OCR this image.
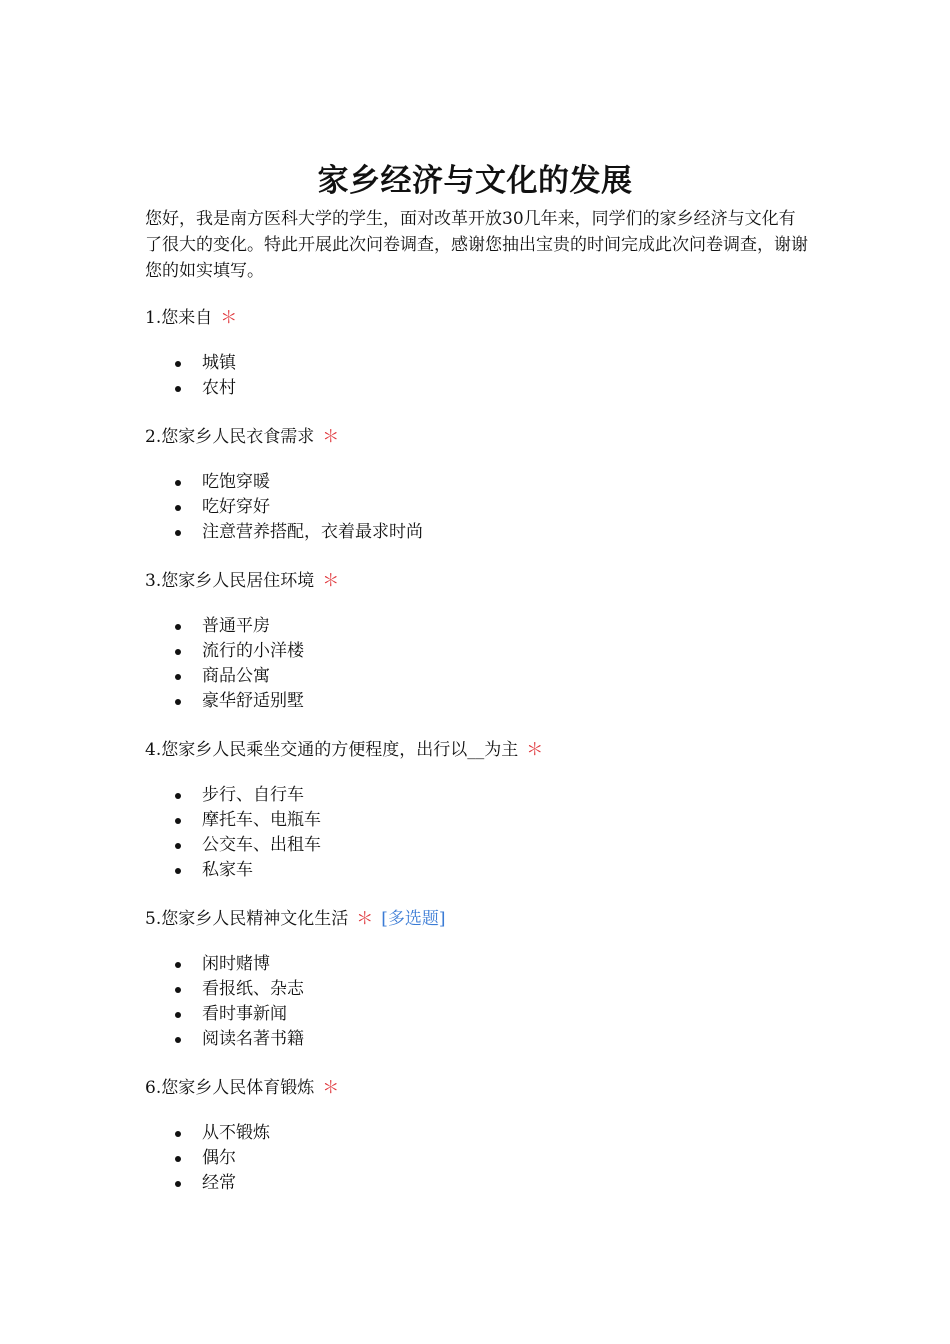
家乡经济与文化的发展

您好，我是南方医科大学的学生，面对改革开放30几年来，同学们的家乡经济与文化有了很大的变化。特此开展此次问卷调查，感谢您抽出宝贵的时间完成此次问卷调查，谢谢您的如实填写。

1.您来自 ＊

城镇
农村

2.您家乡人民衣食需求 ＊

吃饱穿暖
吃好穿好
注意营养搭配，衣着最求时尚

3.您家乡人民居住环境 ＊

普通平房
流行的小洋楼
商品公寓
豪华舒适别墅

4.您家乡人民乘坐交通的方便程度，出行以__为主 ＊

步行、自行车
摩托车、电瓶车
公交车、出租车
私家车

5.您家乡人民精神文化生活 ＊ [多选题]

闲时赌博
看报纸、杂志
看时事新闻
阅读名著书籍

6.您家乡人民体育锻炼 ＊

从不锻炼
偶尔
经常
